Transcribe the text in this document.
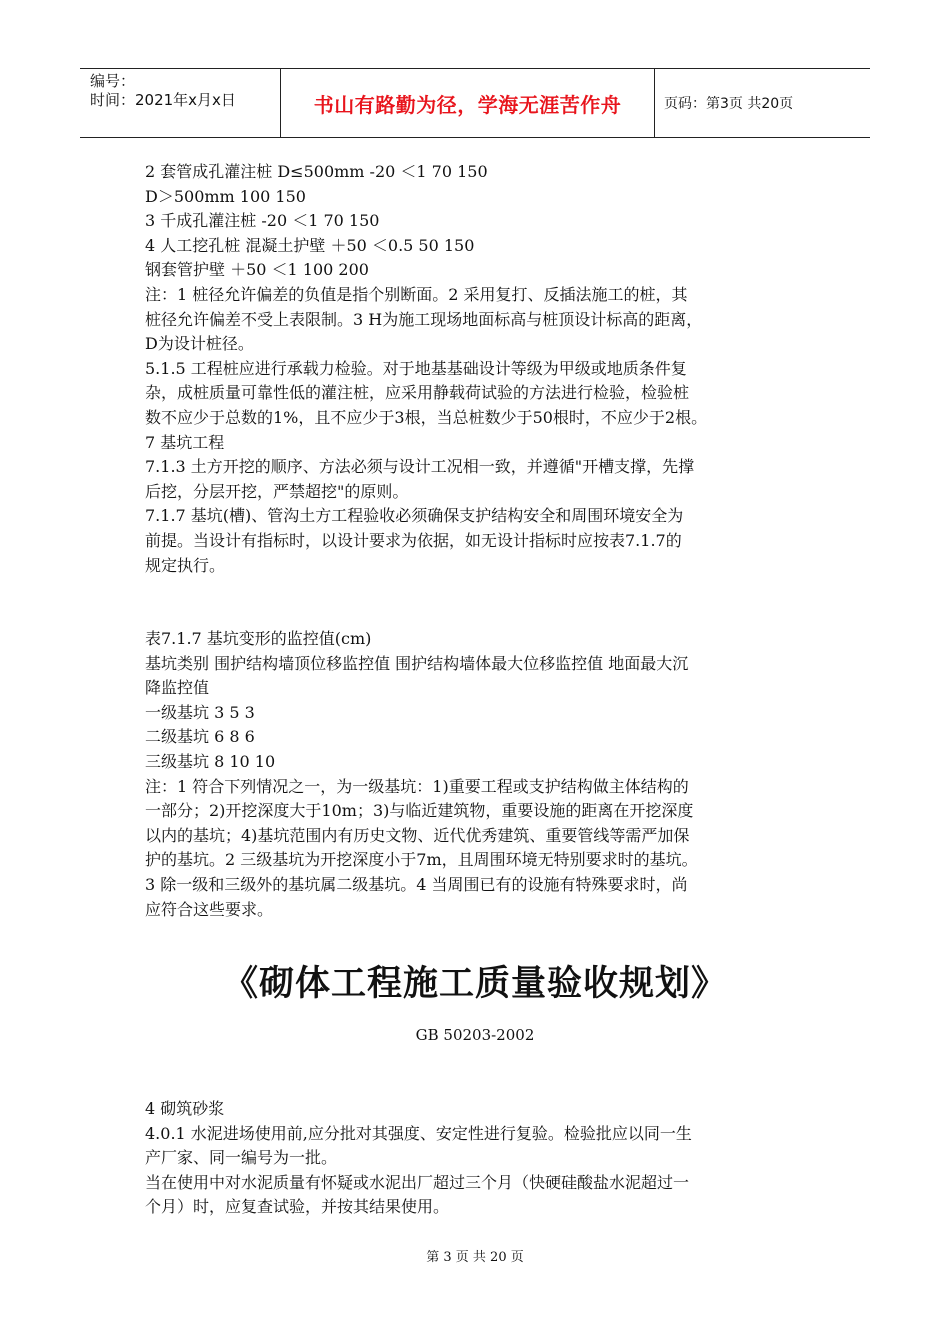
编号：
时间：2021年x月x日	书山有路勤为径，学海无涯苦作舟	页码：第3页 共20页

2 套管成孔灌注桩 D≤500mm -20 ＜1 70 150

D＞500mm 100 150

3 千成孔灌注桩 -20 ＜1 70 150

4 人工挖孔桩 混凝土护壁 ＋50 ＜0.5 50 150

钢套管护壁 ＋50 ＜1 100 200

注：1 桩径允许偏差的负值是指个别断面。2 采用复打、反插法施工的桩，其

桩径允许偏差不受上表限制。3 H为施工现场地面标高与桩顶设计标高的距离，

D为设计桩径。

5.1.5 工程桩应进行承载力检验。对于地基基础设计等级为甲级或地质条件复

杂，成桩质量可靠性低的灌注桩，应采用静载荷试验的方法进行检验，检验桩

数不应少于总数的1%，且不应少于3根，当总桩数少于50根时，不应少于2根。

7 基坑工程

7.1.3 土方开挖的顺序、方法必须与设计工况相一致，并遵循"开槽支撑，先撑

后挖，分层开挖，严禁超挖"的原则。

7.1.7 基坑(槽)、管沟土方工程验收必须确保支护结构安全和周围环境安全为

前提。当设计有指标时，以设计要求为依据，如无设计指标时应按表7.1.7的

规定执行。

表7.1.7 基坑变形的监控值(cm)

基坑类别 围护结构墙顶位移监控值 围护结构墙体最大位移监控值 地面最大沉

降监控值

一级基坑 3 5 3

二级基坑 6 8 6

三级基坑 8 10 10

注：1 符合下列情况之一，为一级基坑：1)重要工程或支护结构做主体结构的

一部分；2)开挖深度大于10m；3)与临近建筑物，重要设施的距离在开挖深度

以内的基坑；4)基坑范围内有历史文物、近代优秀建筑、重要管线等需严加保

护的基坑。2 三级基坑为开挖深度小于7m，且周围环境无特别要求时的基坑。

3 除一级和三级外的基坑属二级基坑。4 当周围已有的设施有特殊要求时，尚

应符合这些要求。

《砌体工程施工质量验收规划》
GB 50203-2002

4 砌筑砂浆

4.0.1 水泥进场使用前,应分批对其强度、安定性进行复验。检验批应以同一生

产厂家、同一编号为一批。

当在使用中对水泥质量有怀疑或水泥出厂超过三个月（快硬硅酸盐水泥超过一

个月）时，应复查试验，并按其结果使用。

第 3 页 共 20 页
